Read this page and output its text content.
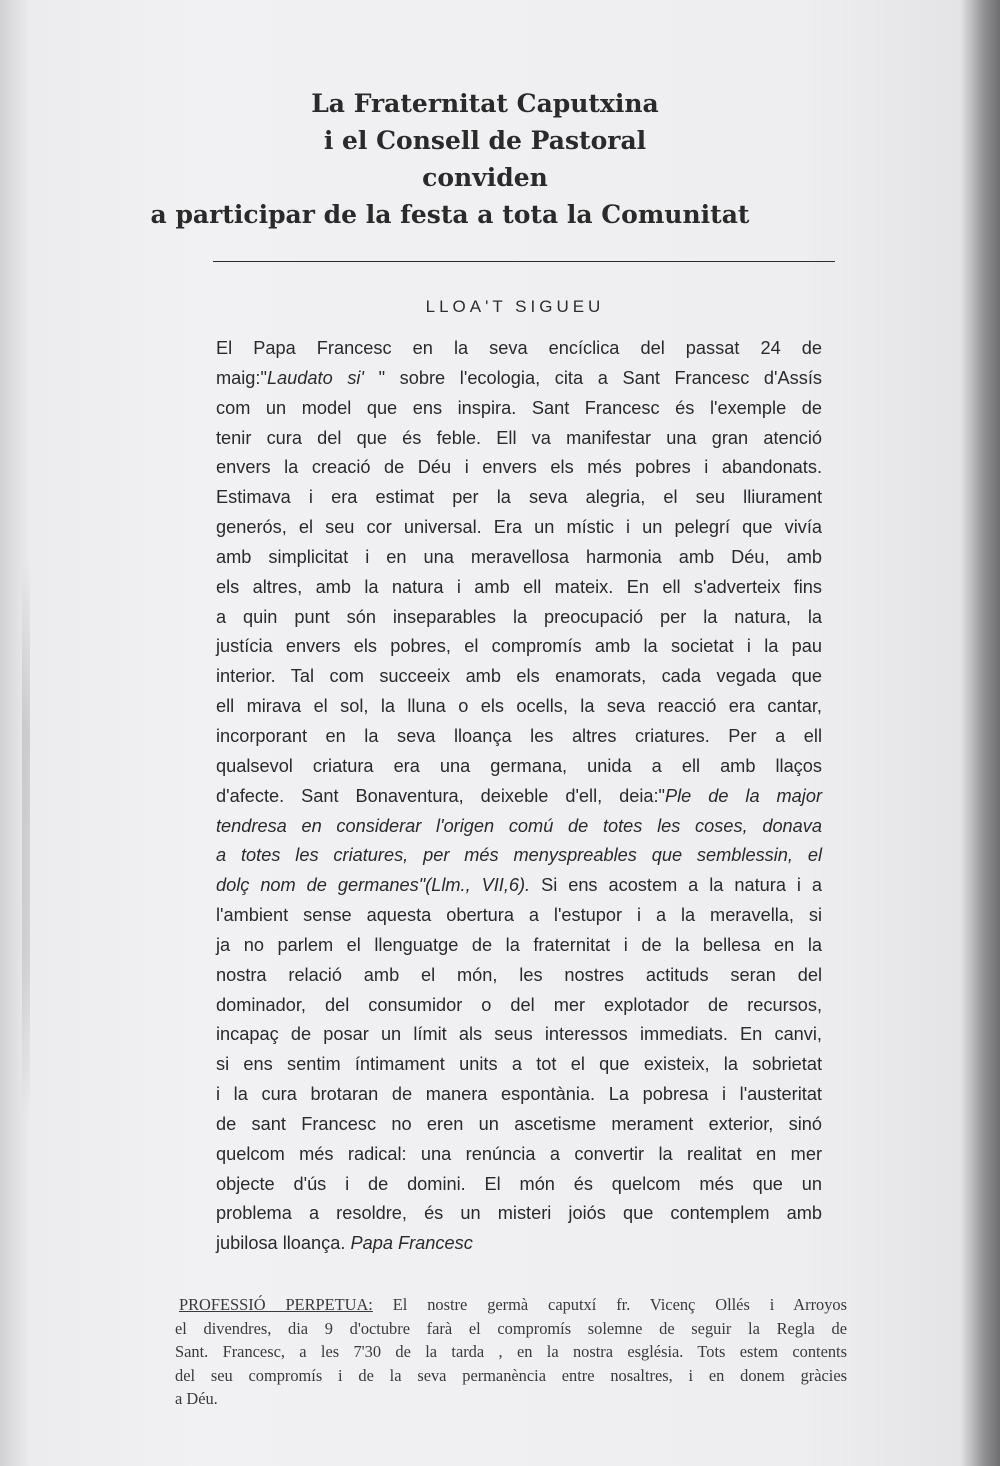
La Fraternitat Caputxina
i el Consell de Pastoral
conviden
a participar de la festa a tota la Comunitat
LLOA'T SIGUEU
El Papa Francesc en la seva encíclica del passat 24 de
maig:"Laudato si' " sobre l'ecologia, cita a Sant Francesc d'Assís
com un model que ens inspira. Sant Francesc és l'exemple de
tenir cura del que és feble. Ell va manifestar una gran atenció
envers la creació de Déu i envers els més pobres i abandonats.
Estimava i era estimat per la seva alegria, el seu lliurament
generós, el seu cor universal. Era un místic i un pelegrí que vivía
amb simplicitat i en una meravellosa harmonia amb Déu, amb
els altres, amb la natura i amb ell mateix. En ell s'adverteix fins
a quin punt són inseparables la preocupació per la natura, la
justícia envers els pobres, el compromís amb la societat i la pau
interior. Tal com succeeix amb els enamorats, cada vegada que
ell mirava el sol, la lluna o els ocells, la seva reacció era cantar,
incorporant en la seva lloança les altres criatures. Per a ell
qualsevol criatura era una germana, unida a ell amb llaços
d'afecte. Sant Bonaventura, deixeble d'ell, deia:"Ple de la major
tendresa en considerar l'origen comú de totes les coses, donava
a totes les criatures, per més menyspreables que semblessin, el
dolç nom de germanes"(Llm., VII,6). Si ens acostem a la natura i a
l'ambient sense aquesta obertura a l'estupor i a la meravella, si
ja no parlem el llenguatge de la fraternitat i de la bellesa en la
nostra relació amb el món, les nostres actituds seran del
dominador, del consumidor o del mer explotador de recursos,
incapaç de posar un límit als seus interessos immediats. En canvi,
si ens sentim íntimament units a tot el que existeix, la sobrietat
i la cura brotaran de manera espontània. La pobresa i l'austeritat
de sant Francesc no eren un ascetisme merament exterior, sinó
quelcom més radical: una renúncia a convertir la realitat en mer
objecte d'ús i de domini. El món és quelcom més que un
problema a resoldre, és un misteri joiós que contemplem amb
jubilosa lloança. Papa Francesc
PROFESSIÓ PERPETUA: El nostre germà caputxí fr. Vicenç Ollés i Arroyos
el divendres, dia 9 d'octubre farà el compromís solemne de seguir la Regla de
Sant. Francesc, a les 7'30 de la tarda , en la nostra església. Tots estem contents
del seu compromís i de la seva permanència entre nosaltres, i en donem gràcies
a Déu.
